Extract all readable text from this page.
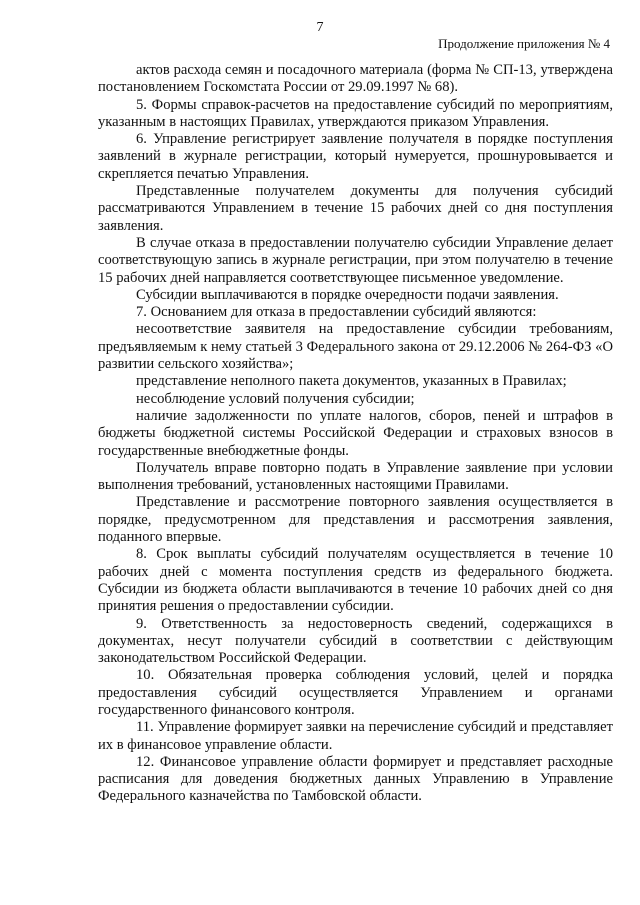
7
Продолжение приложения № 4

актов расхода семян и посадочного материала (форма № СП-13, утверждена постановлением Госкомстата России от 29.09.1997 № 68).

5. Формы справок-расчетов на предоставление субсидий по мероприятиям, указанным в настоящих Правилах, утверждаются приказом Управления.

6. Управление регистрирует заявление получателя в порядке поступления заявлений в журнале регистрации, который нумеруется, прошнуровывается и скрепляется печатью Управления.

Представленные получателем документы для получения субсидий рассматриваются Управлением в течение 15 рабочих дней со дня поступления заявления.

В случае отказа в предоставлении получателю субсидии Управление делает соответствующую запись в журнале регистрации, при этом получателю в течение 15 рабочих дней направляется соответствующее письменное уведомление.

Субсидии выплачиваются в порядке очередности подачи заявления.

7. Основанием для отказа в предоставлении субсидий являются:

несоответствие заявителя на предоставление субсидии требованиям, предъявляемым к нему статьей 3 Федерального закона от 29.12.2006 № 264-ФЗ «О развитии сельского хозяйства»;

представление неполного пакета документов, указанных в Правилах;

несоблюдение условий получения субсидии;

наличие задолженности по уплате налогов, сборов, пеней и штрафов в бюджеты бюджетной системы Российской Федерации и страховых взносов в государственные внебюджетные фонды.

Получатель вправе повторно подать в Управление заявление при условии выполнения требований, установленных настоящими Правилами.

Представление и рассмотрение повторного заявления осуществляется в порядке, предусмотренном для представления и рассмотрения заявления, поданного впервые.

8. Срок выплаты субсидий получателям осуществляется в течение 10 рабочих дней с момента поступления средств из федерального бюджета. Субсидии из бюджета области выплачиваются в течение 10 рабочих дней со дня принятия решения о предоставлении субсидии.

9. Ответственность за недостоверность сведений, содержащихся в документах, несут получатели субсидий в соответствии с действующим законодательством Российской Федерации.

10. Обязательная проверка соблюдения условий, целей и порядка предоставления субсидий осуществляется Управлением и органами государственного финансового контроля.

11. Управление формирует заявки на перечисление субсидий и представляет их в финансовое управление области.

12. Финансовое управление области формирует и представляет расходные расписания для доведения бюджетных данных Управлению в Управление Федерального казначейства по Тамбовской области.
